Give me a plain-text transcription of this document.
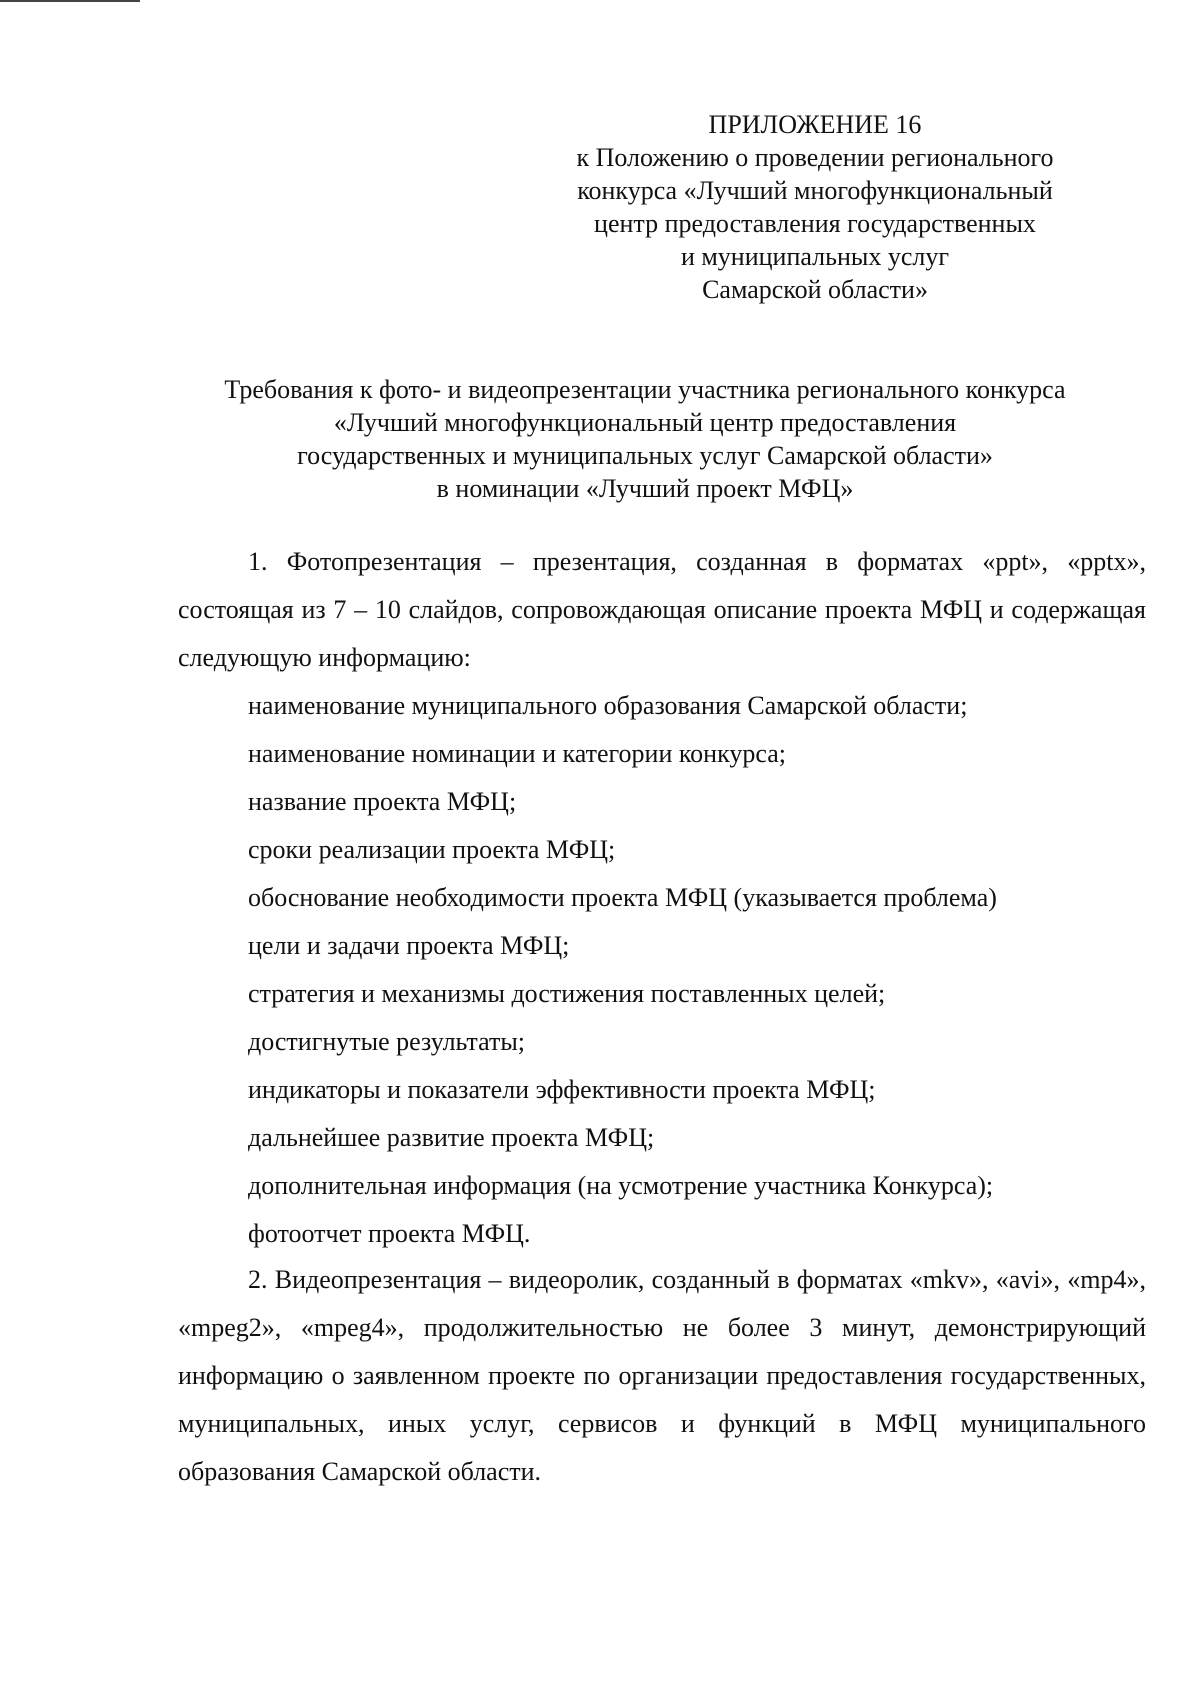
ПРИЛОЖЕНИЕ 16
к Положению о проведении регионального
конкурса «Лучший многофункциональный
центр предоставления государственных
и муниципальных услуг
Самарской области»
Требования к фото- и видеопрезентации участника регионального конкурса
«Лучший многофункциональный центр предоставления
государственных и муниципальных услуг Самарской области»
в номинации «Лучший проект МФЦ»

1. Фотопрезентация – презентация, созданная в форматах «ppt», «pptx», состоящая из 7 – 10 слайдов, сопровождающая описание проекта МФЦ и содержащая следующую информацию:

наименование муниципального образования Самарской области;
наименование номинации и категории конкурса;
название проекта МФЦ;
сроки реализации проекта МФЦ;
обоснование необходимости проекта МФЦ (указывается проблема)
цели и задачи проекта МФЦ;
стратегия и механизмы достижения поставленных целей;
достигнутые результаты;
индикаторы и показатели эффективности проекта МФЦ;
дальнейшее развитие проекта МФЦ;
дополнительная информация (на усмотрение участника Конкурса);
фотоотчет проекта МФЦ.

2. Видеопрезентация – видеоролик, созданный в форматах «mkv», «avi», «mp4», «mpeg2», «mpeg4», продолжительностью не более 3 минут, демонстрирующий информацию о заявленном проекте по организации предоставления государственных, муниципальных, иных услуг, сервисов и функций в МФЦ муниципального образования Самарской области.
